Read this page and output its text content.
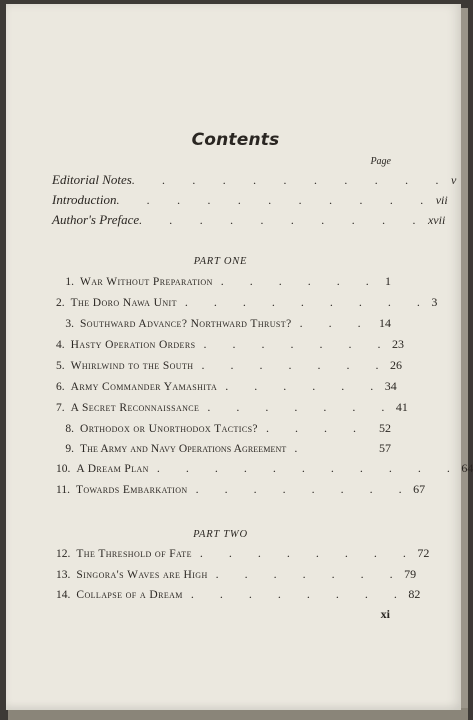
Contents
Page
Editorial Notes . . . . . . . . . . . v
Introduction . . . . . . . . . . . vii
Author's Preface . . . . . . . . . . xvii
PART ONE
1. War Without Preparation . . . . . . 1
2. The Doro Nawa Unit . . . . . . . . . 3
3. Southward Advance? Northward Thrust? . . . 14
4. Hasty Operation Orders . . . . . . . 23
5. Whirlwind to the South . . . . . . . 26
6. Army Commander Yamashita . . . . . . 34
7. A Secret Reconnaissance . . . . . . . 41
8. Orthodox or Unorthodox Tactics? . . . . 52
9. The Army and Navy Operations Agreement .	57
10. A Dream Plan . . . . . . . . . . . 64
11. Towards Embarkation . . . . . . . . 67
PART TWO
12. The Threshold of Fate . . . . . . . . 72
13. Singora's Waves are High . . . . . . . 79
14. Collapse of a Dream . . . . . . . . 82
xi
